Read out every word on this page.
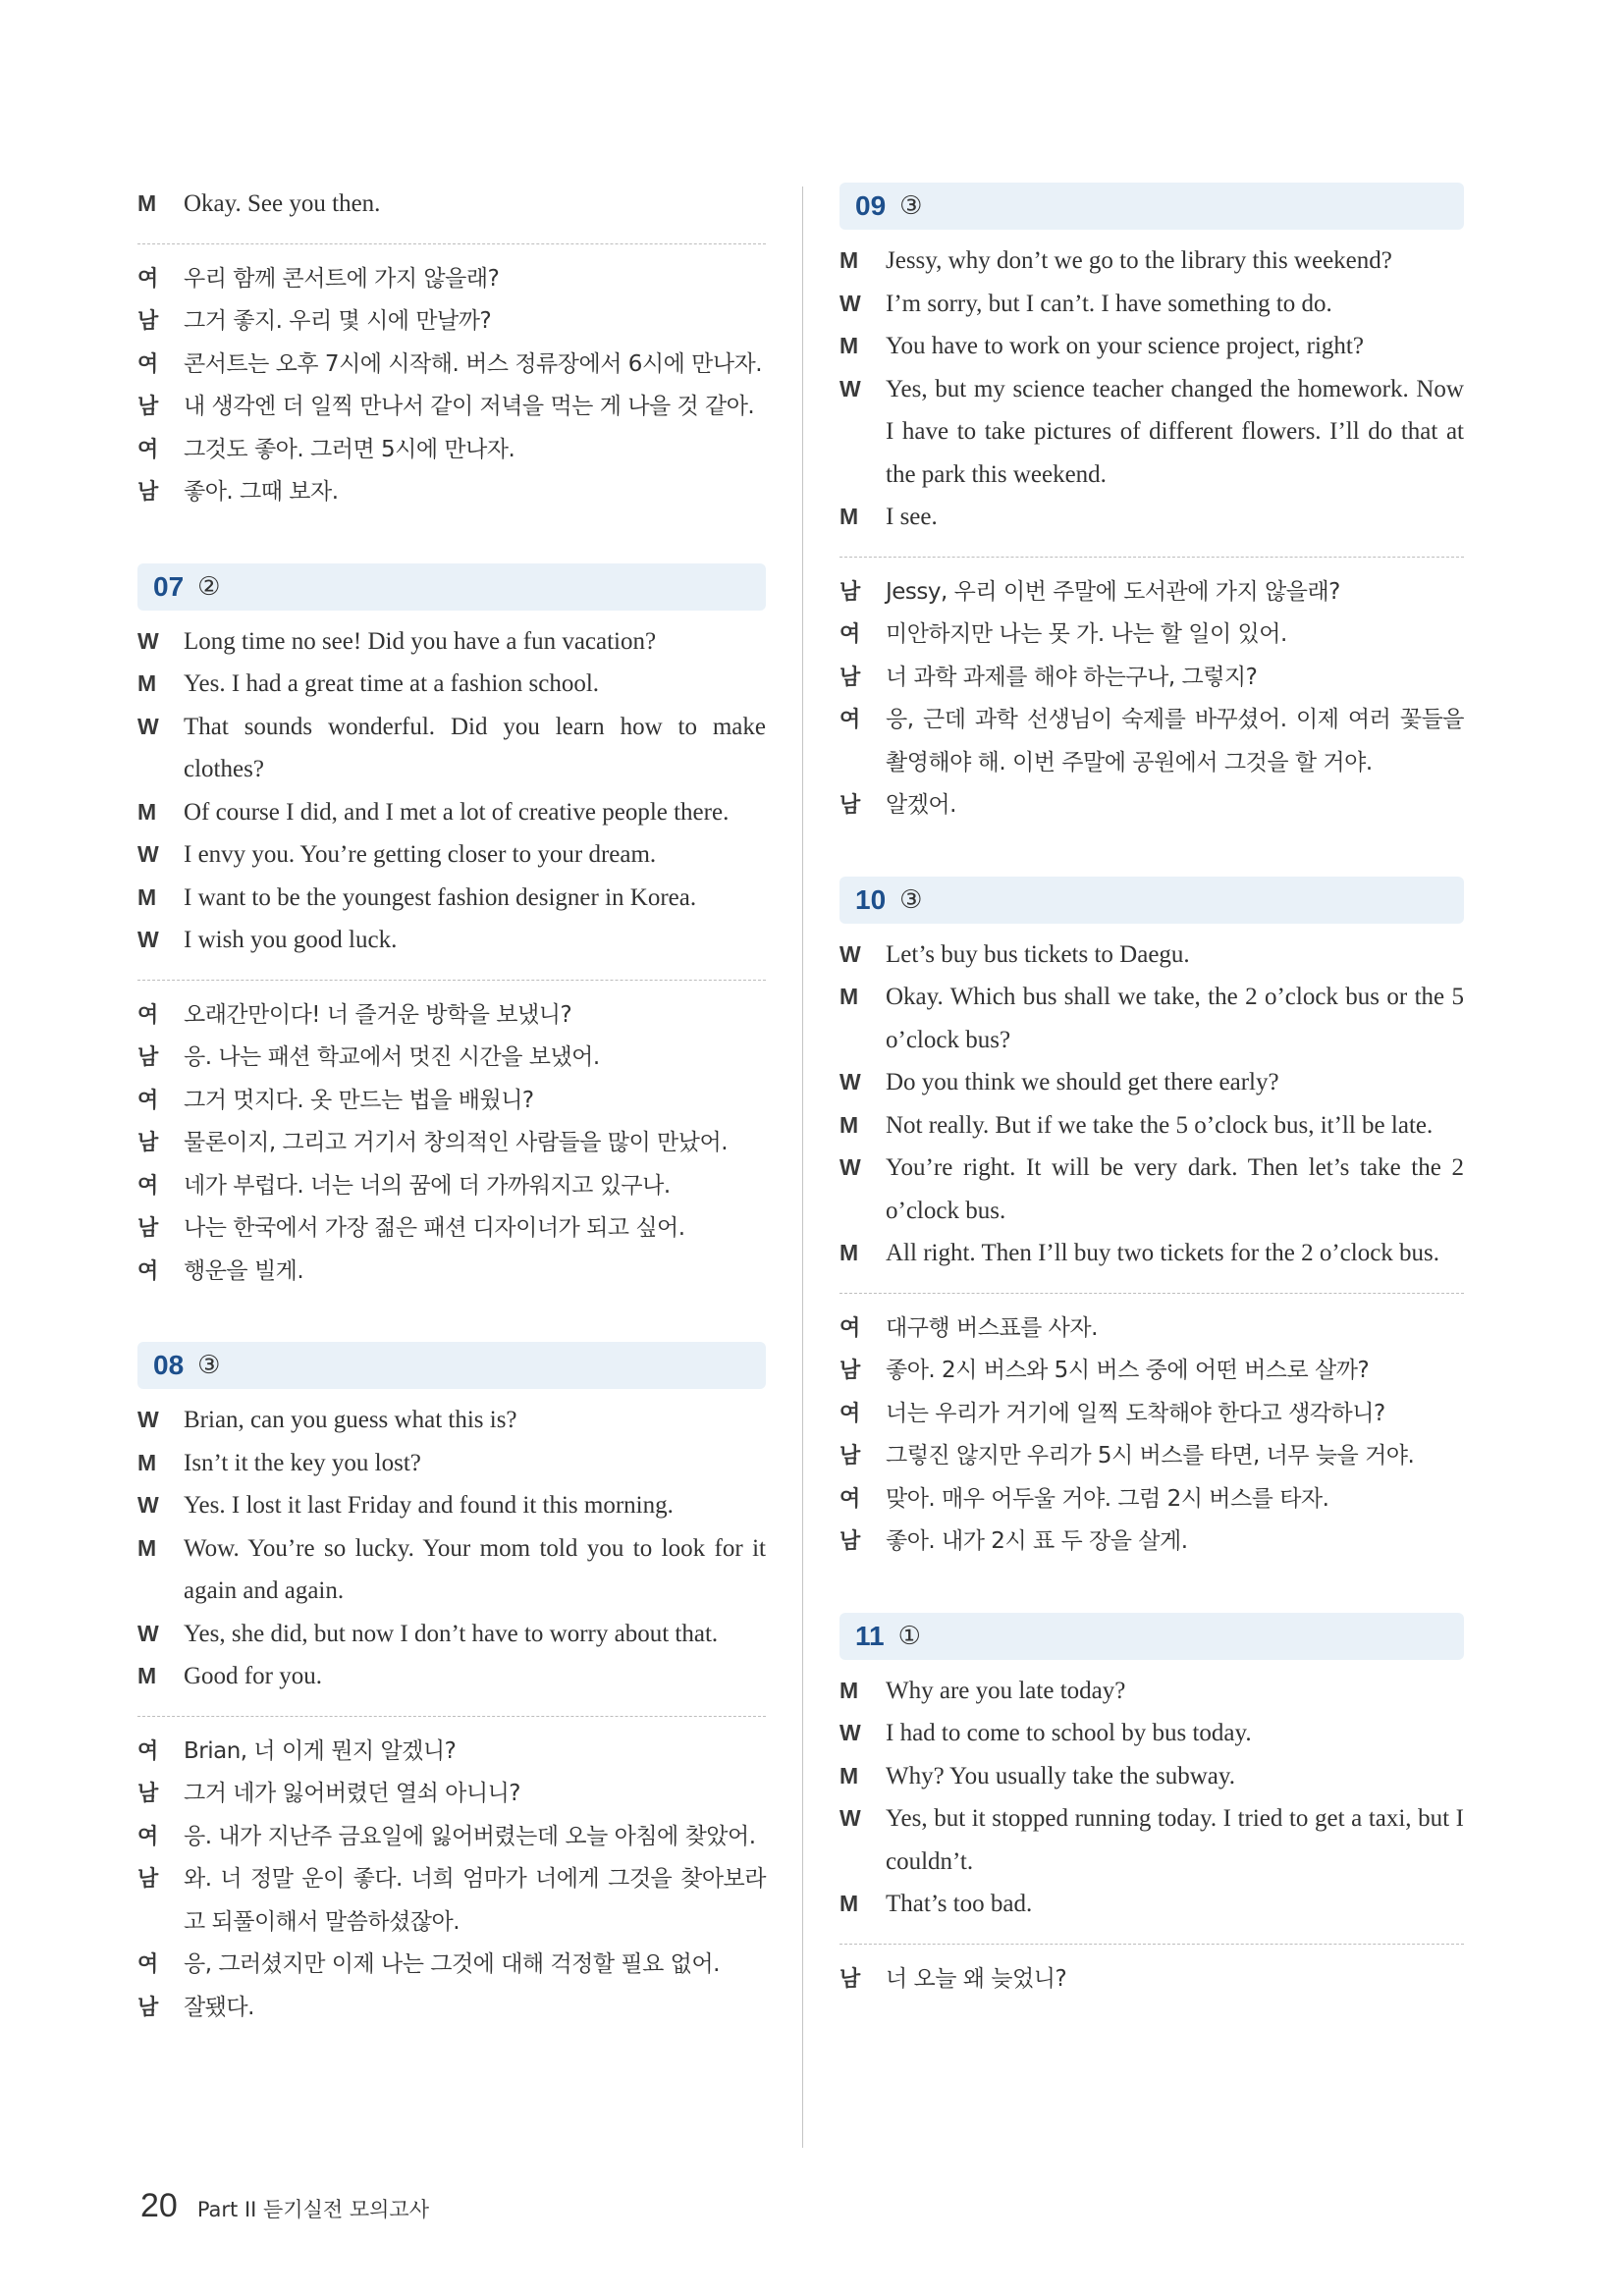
M	Okay. See you then.
여	우리 함께 콘서트에 가지 않을래?
남	그거 좋지. 우리 몇 시에 만날까?
여	콘서트는 오후 7시에 시작해. 버스 정류장에서 6시에 만나자.
남	내 생각엔 더 일찍 만나서 같이 저녁을 먹는 게 나을 것 같아.
여	그것도 좋아. 그러면 5시에 만나자.
남	좋아. 그때 보자.
07 ②
W	Long time no see! Did you have a fun vacation?
M	Yes. I had a great time at a fashion school.
W	That sounds wonderful. Did you learn how to make clothes?
M	Of course I did, and I met a lot of creative people there.
W	I envy you. You’re getting closer to your dream.
M	I want to be the youngest fashion designer in Korea.
W	I wish you good luck.
여	오래간만이다! 너 즐거운 방학을 보냈니?
남	응. 나는 패션 학교에서 멋진 시간을 보냈어.
여	그거 멋지다. 옷 만드는 법을 배웠니?
남	물론이지, 그리고 거기서 창의적인 사람들을 많이 만났어.
여	네가 부럽다. 너는 너의 꿈에 더 가까워지고 있구나.
남	나는 한국에서 가장 젊은 패션 디자이너가 되고 싶어.
여	행운을 빌게.
08 ③
W	Brian, can you guess what this is?
M	Isn’t it the key you lost?
W	Yes. I lost it last Friday and found it this morning.
M	Wow. You’re so lucky. Your mom told you to look for it again and again.
W	Yes, she did, but now I don’t have to worry about that.
M	Good for you.
여	Brian, 너 이게 뭔지 알겠니?
남	그거 네가 잃어버렸던 열쇠 아니니?
여	응. 내가 지난주 금요일에 잃어버렸는데 오늘 아침에 찾았어.
남	와. 너 정말 운이 좋다. 너희 엄마가 너에게 그것을 찾아보라고 되풀이해서 말씀하셨잖아.
여	응, 그러셨지만 이제 나는 그것에 대해 걱정할 필요 없어.
남	잘됐다.
09 ③
M	Jessy, why don’t we go to the library this weekend?
W	I’m sorry, but I can’t. I have something to do.
M	You have to work on your science project, right?
W	Yes, but my science teacher changed the homework. Now I have to take pictures of different flowers. I’ll do that at the park this weekend.
M	I see.
남	Jessy, 우리 이번 주말에 도서관에 가지 않을래?
여	미안하지만 나는 못 가. 나는 할 일이 있어.
남	너 과학 과제를 해야 하는구나, 그렇지?
여	응, 근데 과학 선생님이 숙제를 바꾸셨어. 이제 여러 꽃들을 촬영해야 해. 이번 주말에 공원에서 그것을 할 거야.
남	알겠어.
10 ③
W	Let’s buy bus tickets to Daegu.
M	Okay. Which bus shall we take, the 2 o’clock bus or the 5 o’clock bus?
W	Do you think we should get there early?
M	Not really. But if we take the 5 o’clock bus, it’ll be late.
W	You’re right. It will be very dark. Then let’s take the 2 o’clock bus.
M	All right. Then I’ll buy two tickets for the 2 o’clock bus.
여	대구행 버스표를 사자.
남	좋아. 2시 버스와 5시 버스 중에 어떤 버스로 살까?
여	너는 우리가 거기에 일찍 도착해야 한다고 생각하니?
남	그렇진 않지만 우리가 5시 버스를 타면, 너무 늦을 거야.
여	맞아. 매우 어두울 거야. 그럼 2시 버스를 타자.
남	좋아. 내가 2시 표 두 장을 살게.
11 ①
M	Why are you late today?
W	I had to come to school by bus today.
M	Why? You usually take the subway.
W	Yes, but it stopped running today. I tried to get a taxi, but I couldn’t.
M	That’s too bad.
남	너 오늘 왜 늦었니?
20 Part II 듣기실전 모의고사
